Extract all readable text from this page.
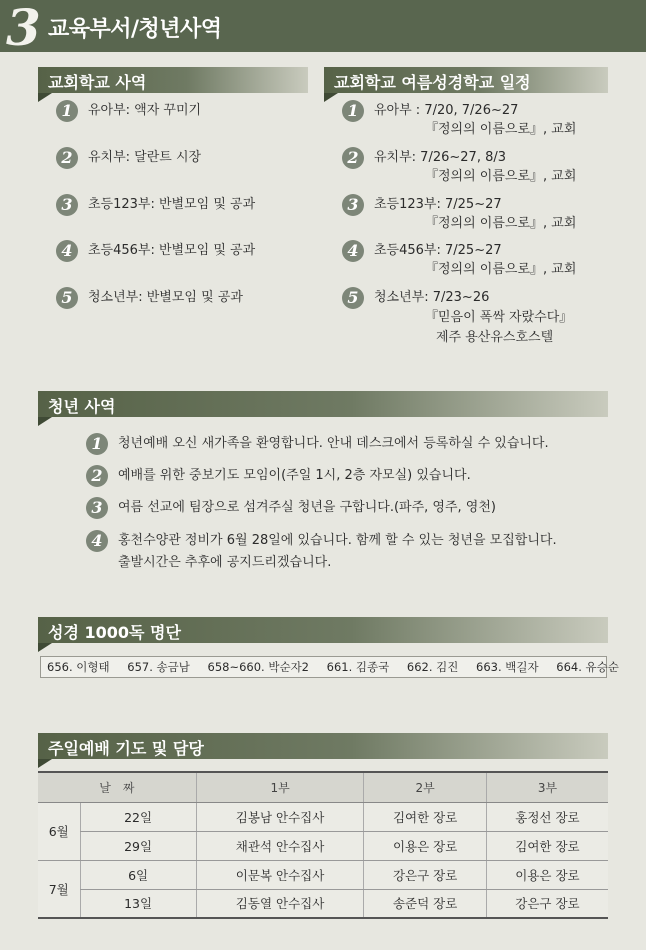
3 교육부서/청년사역
교회학교 사역
1	유아부: 액자 꾸미기
2	유치부: 달란트 시장
3	초등123부: 반별모임 및 공과
4	초등456부: 반별모임 및 공과
5	청소년부: 반별모임 및 공과
교회학교 여름성경학교 일정
1	유아부 : 7/20, 7/26~27
『정의의 이름으로』, 교회
2	유치부: 7/26~27, 8/3
『정의의 이름으로』, 교회
3	초등123부: 7/25~27
『정의의 이름으로』, 교회
4	초등456부: 7/25~27
『정의의 이름으로』, 교회
5	청소년부: 7/23~26
『믿음이 폭싹 자랐수다』
제주 용산유스호스텔
청년 사역
1	청년예배 오신 새가족을 환영합니다. 안내 데스크에서 등록하실 수 있습니다.
2	예배를 위한 중보기도 모임이(주일 1시, 2층 자모실) 있습니다.
3	여름 선교에 팀장으로 섬겨주실 청년을 구합니다.(파주, 영주, 영천)
4	홍천수양관 정비가 6월 28일에 있습니다. 함께 할 수 있는 청년을 모집합니다.
출발시간은 추후에 공지드리겠습니다.
성경 1000독 명단
656. 이형태 657. 송금남 658~660. 박순자2 661. 김종국 662. 김진 663. 백길자 664. 유승순
주일예배 기도 및 담당
날　짜		1부	2부	3부
6월	22일	김봉남 안수집사	김여한 장로	홍정선 장로
	29일	채관석 안수집사	이용은 장로	김여한 장로
7월	6일	이문복 안수집사	강은구 장로	이용은 장로
	13일	김동열 안수집사	송준덕 장로	강은구 장로
